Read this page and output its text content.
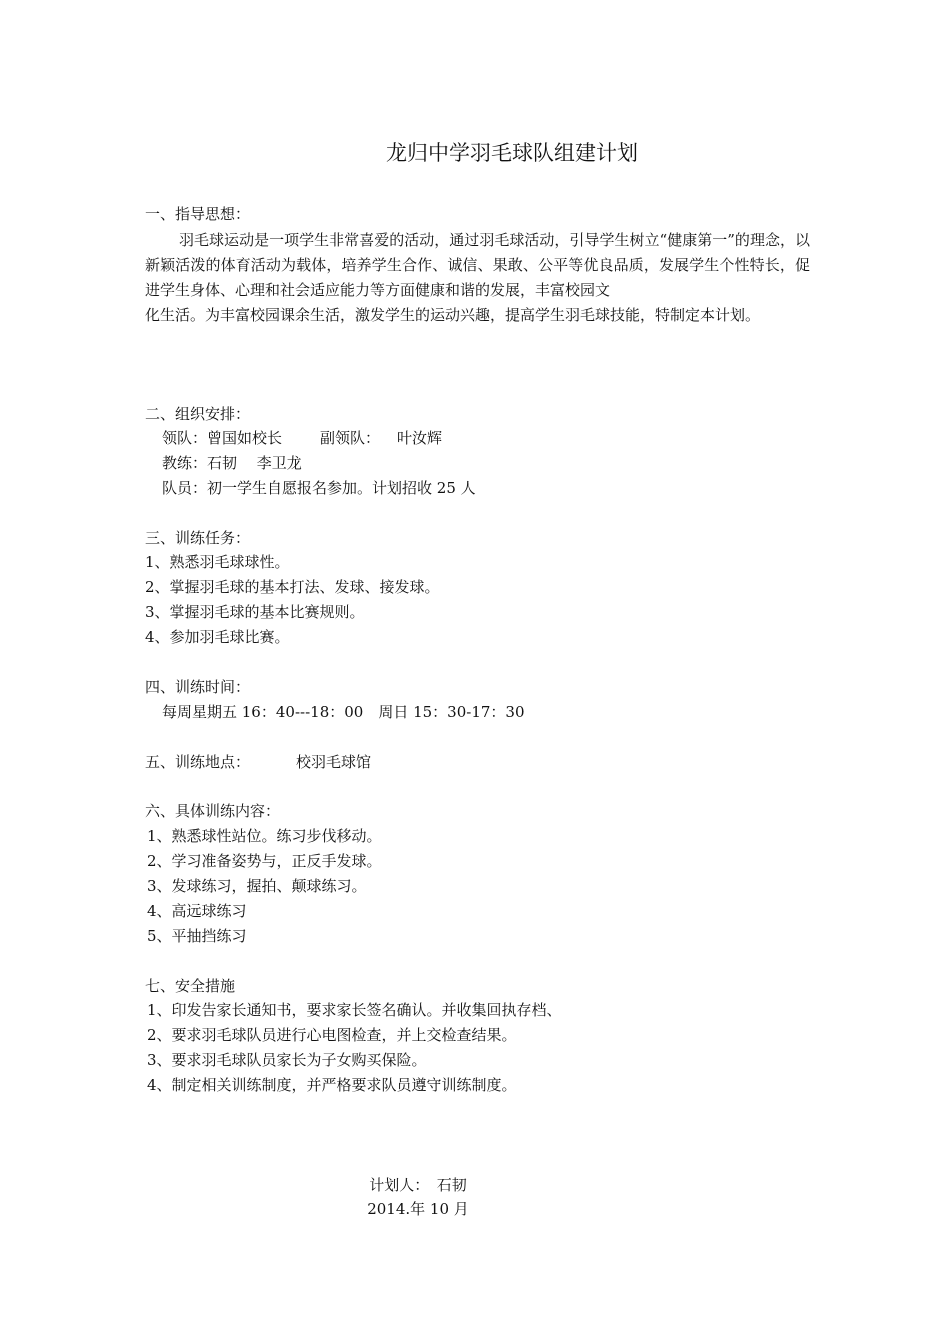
龙归中学羽毛球队组建计划
一、指导思想：
羽毛球运动是一项学生非常喜爱的活动，通过羽毛球活动，引导学生树立“健康第一”的理念，以新颖活泼的体育活动为载体，培养学生合作、诚信、果敢、公平等优良品质，发展学生个性特长，促进学生身体、心理和社会适应能力等方面健康和谐的发展，丰富校园文
化生活。为丰富校园课余生活，激发学生的运动兴趣，提高学生羽毛球技能，特制定本计划。
二、组织安排：
领队：曾国如校长	副领队： 叶汝辉
教练：石韧　 李卫龙
队员：初一学生自愿报名参加。计划招收 25 人
三、训练任务：
1、熟悉羽毛球球性。
2、掌握羽毛球的基本打法、发球、接发球。
3、掌握羽毛球的基本比赛规则。
4、参加羽毛球比赛。
四、训练时间：
每周星期五 16：40---18：00　周日 15：30-17：30
五、训练地点：	校羽毛球馆
六、具体训练内容：
1、熟悉球性站位。练习步伐移动。
2、学习准备姿势与，正反手发球。
3、发球练习，握拍、颠球练习。
4、高远球练习
5、平抽挡练习
七、安全措施
1、印发告家长通知书，要求家长签名确认。并收集回执存档、
2、要求羽毛球队员进行心电图检查，并上交检查结果。
3、要求羽毛球队员家长为子女购买保险。
4、制定相关训练制度，并严格要求队员遵守训练制度。
计划人：　石韧
2014.年 10 月
